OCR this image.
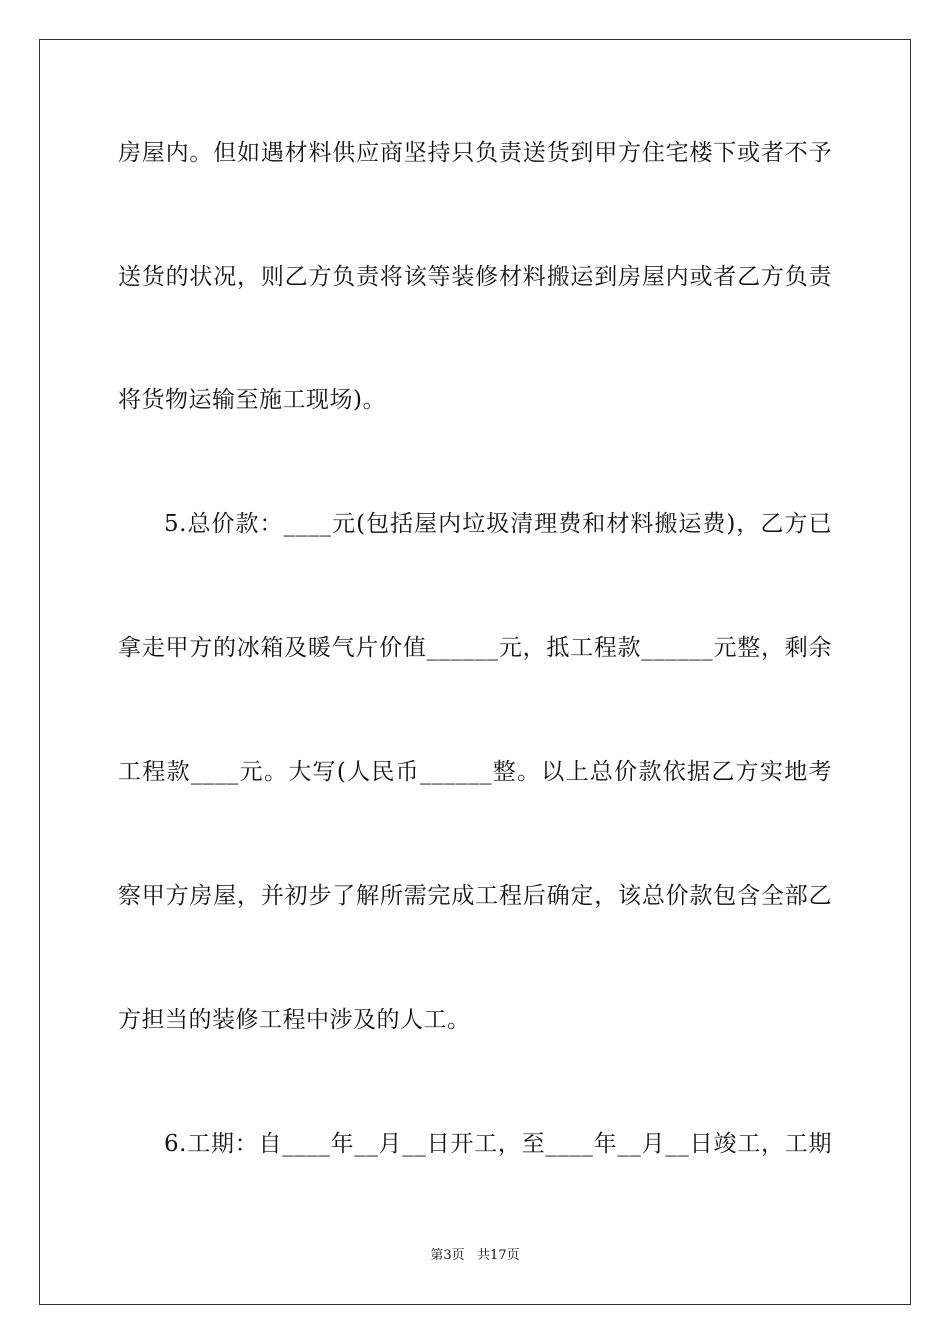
房屋内。但如遇材料供应商坚持只负责送货到甲方住宅楼下或者不予
送货的状况，则乙方负责将该等装修材料搬运到房屋内或者乙方负责
将货物运输至施工现场)。
5.总价款：____元(包括屋内垃圾清理费和材料搬运费)，乙方已
拿走甲方的冰箱及暖气片价值______元，抵工程款______元整，剩余
工程款____元。大写(人民币______整。以上总价款依据乙方实地考
察甲方房屋，并初步了解所需完成工程后确定，该总价款包含全部乙
方担当的装修工程中涉及的人工。
6.工期：自____年__月__日开工，至____年__月__日竣工，工期
第3页   共17页
